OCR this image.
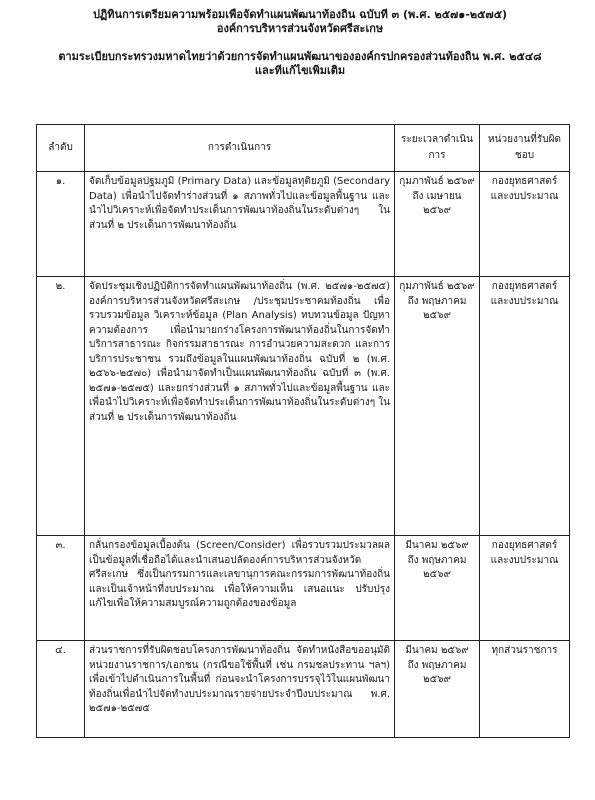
ปฏิทินการเตรียมความพร้อมเพื่อจัดทำแผนพัฒนาท้องถิ่น ฉบับที่ ๓ (พ.ศ. ๒๕๗๑-๒๕๗๕)
องค์การบริหารส่วนจังหวัดศรีสะเกษ
ตามระเบียบกระทรวงมหาดไทยว่าด้วยการจัดทำแผนพัฒนาขององค์กรปกครองส่วนท้องถิ่น พ.ศ. ๒๕๔๘
และที่แก้ไขเพิ่มเติม
ลำดับ	การดำเนินการ	ระยะเวลาดำเนินการ	หน่วยงานที่รับผิดชอบ
๑.	จัดเก็บข้อมูลปฐมภูมิ (Primary Data) และข้อมูลทุติยภูมิ (Secondary Data) เพื่อนำไปจัดทำร่างส่วนที่ ๑ สภาพทั่วไปและข้อมูลพื้นฐาน และนำไปวิเคราะห์เพื่อจัดทำประเด็นการพัฒนาท้องถิ่นในระดับต่างๆ ในส่วนที่ ๒ ประเด็นการพัฒนาท้องถิ่น	กุมภาพันธ์ ๒๕๖๙ ถึง เมษายน ๒๕๖๙	กองยุทธศาสตร์และงบประมาณ
๒.	จัดประชุมเชิงปฏิบัติการจัดทำแผนพัฒนาท้องถิ่น (พ.ศ. ๒๕๗๑-๒๕๗๕) องค์การบริหารส่วนจังหวัดศรีสะเกษ /ประชุมประชาคมท้องถิ่น เพื่อรวบรวมข้อมูล วิเคราะห์ข้อมูล (Plan Analysis) ทบทวนข้อมูล ปัญหาความต้องการ เพื่อนำมายกร่างโครงการพัฒนาท้องถิ่นในการจัดทำบริการสาธารณะ กิจกรรมสาธารณะ การอำนวยความสะดวก และการบริการประชาชน รวมถึงข้อมูลในแผนพัฒนาท้องถิ่น ฉบับที่ ๒ (พ.ศ. ๒๕๖๖-๒๕๗๐) เพื่อนำมาจัดทำเป็นแผนพัฒนาท้องถิ่น ฉบับที่ ๓ (พ.ศ. ๒๕๗๑-๒๕๗๕) และยกร่างส่วนที่ ๑ สภาพทั่วไปและข้อมูลพื้นฐาน และเพื่อนำไปวิเคราะห์เพื่อจัดทำประเด็นการพัฒนาท้องถิ่นในระดับต่างๆ ในส่วนที่ ๒ ประเด็นการพัฒนาท้องถิ่น	กุมภาพันธ์ ๒๕๖๙ ถึง พฤษภาคม ๒๕๖๙	กองยุทธศาสตร์และงบประมาณ
๓.	กลั่นกรองข้อมูลเบื้องต้น (Screen/Consider) เพื่อรวบรวมประมวลผล เป็นข้อมูลที่เชื่อถือได้และนำเสนอปลัดองค์การบริหารส่วนจังหวัดศรีสะเกษ ซึ่งเป็นกรรมการและเลขานุการคณะกรรมการพัฒนาท้องถิ่น และเป็นเจ้าหน้าที่งบประมาณ เพื่อให้ความเห็น เสนอแนะ ปรับปรุง แก้ไขเพื่อให้ความสมบูรณ์ความถูกต้องของข้อมูล	มีนาคม ๒๕๖๙ ถึง พฤษภาคม ๒๕๖๙	กองยุทธศาสตร์และงบประมาณ
๔.	ส่วนราชการที่รับผิดชอบโครงการพัฒนาท้องถิ่น จัดทำหนังสือขออนุมัติหน่วยงานราชการ/เอกชน (กรณีขอใช้พื้นที่ เช่น กรมชลประทาน ฯลฯ) เพื่อเข้าไปดำเนินการในพื้นที่ ก่อนจะนำโครงการบรรจุไว้ในแผนพัฒนาท้องถิ่นเพื่อนำไปจัดทำงบประมาณรายจ่ายประจำปีงบประมาณ พ.ศ. ๒๕๗๑-๒๕๗๕	มีนาคม ๒๕๖๙ ถึง พฤษภาคม ๒๕๖๙	ทุกส่วนราชการ
